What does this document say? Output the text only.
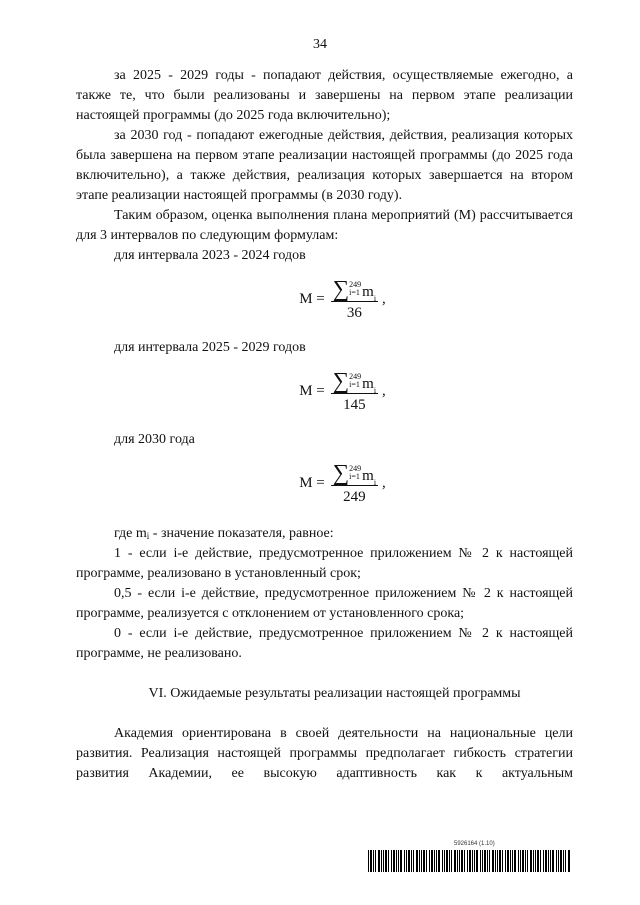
34

за 2025 - 2029 годы - попадают действия, осуществляемые ежегодно, а также те, что были реализованы и завершены на первом этапе реализации настоящей программы (до 2025 года включительно);

за 2030 год - попадают ежегодные действия, действия, реализация которых была завершена на первом этапе реализации настоящей программы (до 2025 года включительно), а также действия, реализация которых завершается на втором этапе реализации настоящей программы (в 2030 году).

Таким образом, оценка выполнения плана мероприятий (М) рассчитывается для 3 интервалов по следующим формулам:

для интервала 2023 - 2024 годов

M = ∑ 249
i=1 m i
36 ,

для интервала 2025 - 2029 годов

M = ∑ 249
i=1 m i
145 ,

для 2030 года

M = ∑ 249
i=1 m i
249 ,

где mi - значение показателя, равное:

1 - если i-е действие, предусмотренное приложением № 2 к настоящей программе, реализовано в установленный срок;

0,5 - если i-е действие, предусмотренное приложением № 2 к настоящей программе, реализуется с отклонением от установленного срока;

0 - если i-е действие, предусмотренное приложением № 2 к настоящей программе, не реализовано.

VI. Ожидаемые результаты реализации настоящей программы

Академия ориентирована в своей деятельности на национальные цели развития. Реализация настоящей программы предполагает гибкость стратегии развития Академии, ее высокую адаптивность как к актуальным

5926164 (1.10)
